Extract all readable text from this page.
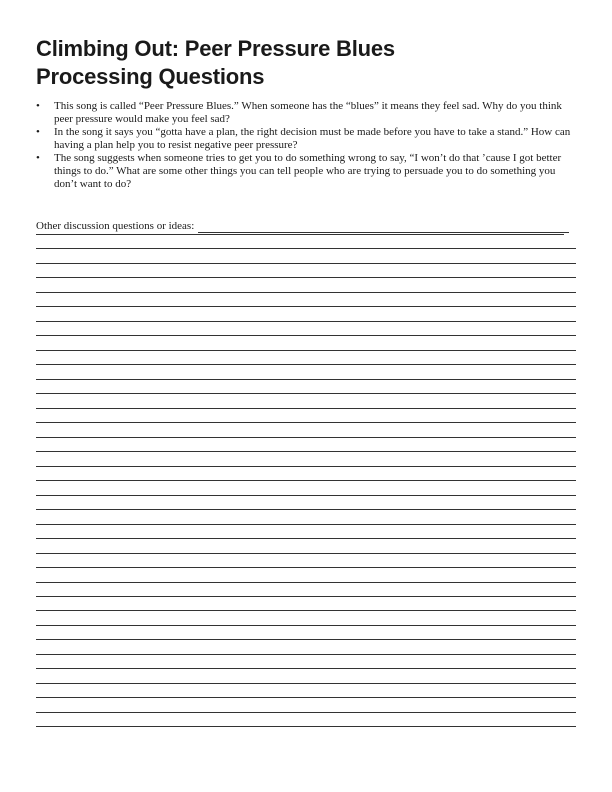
Climbing Out: Peer Pressure Blues
Processing Questions
• This song is called “Peer Pressure Blues.” When someone has the “blues” it means they feel sad. Why do you think peer pressure would make you feel sad?
• In the song it says you “gotta have a plan, the right decision must be made before you have to take a stand.” How can having a plan help you to resist negative peer pressure?
• The song suggests when someone tries to get you to do something wrong to say, “I won’t do that ’cause I got better things to do.” What are some other things you can tell people who are trying to persuade you to do something you don’t want to do?
Other discussion questions or ideas:
